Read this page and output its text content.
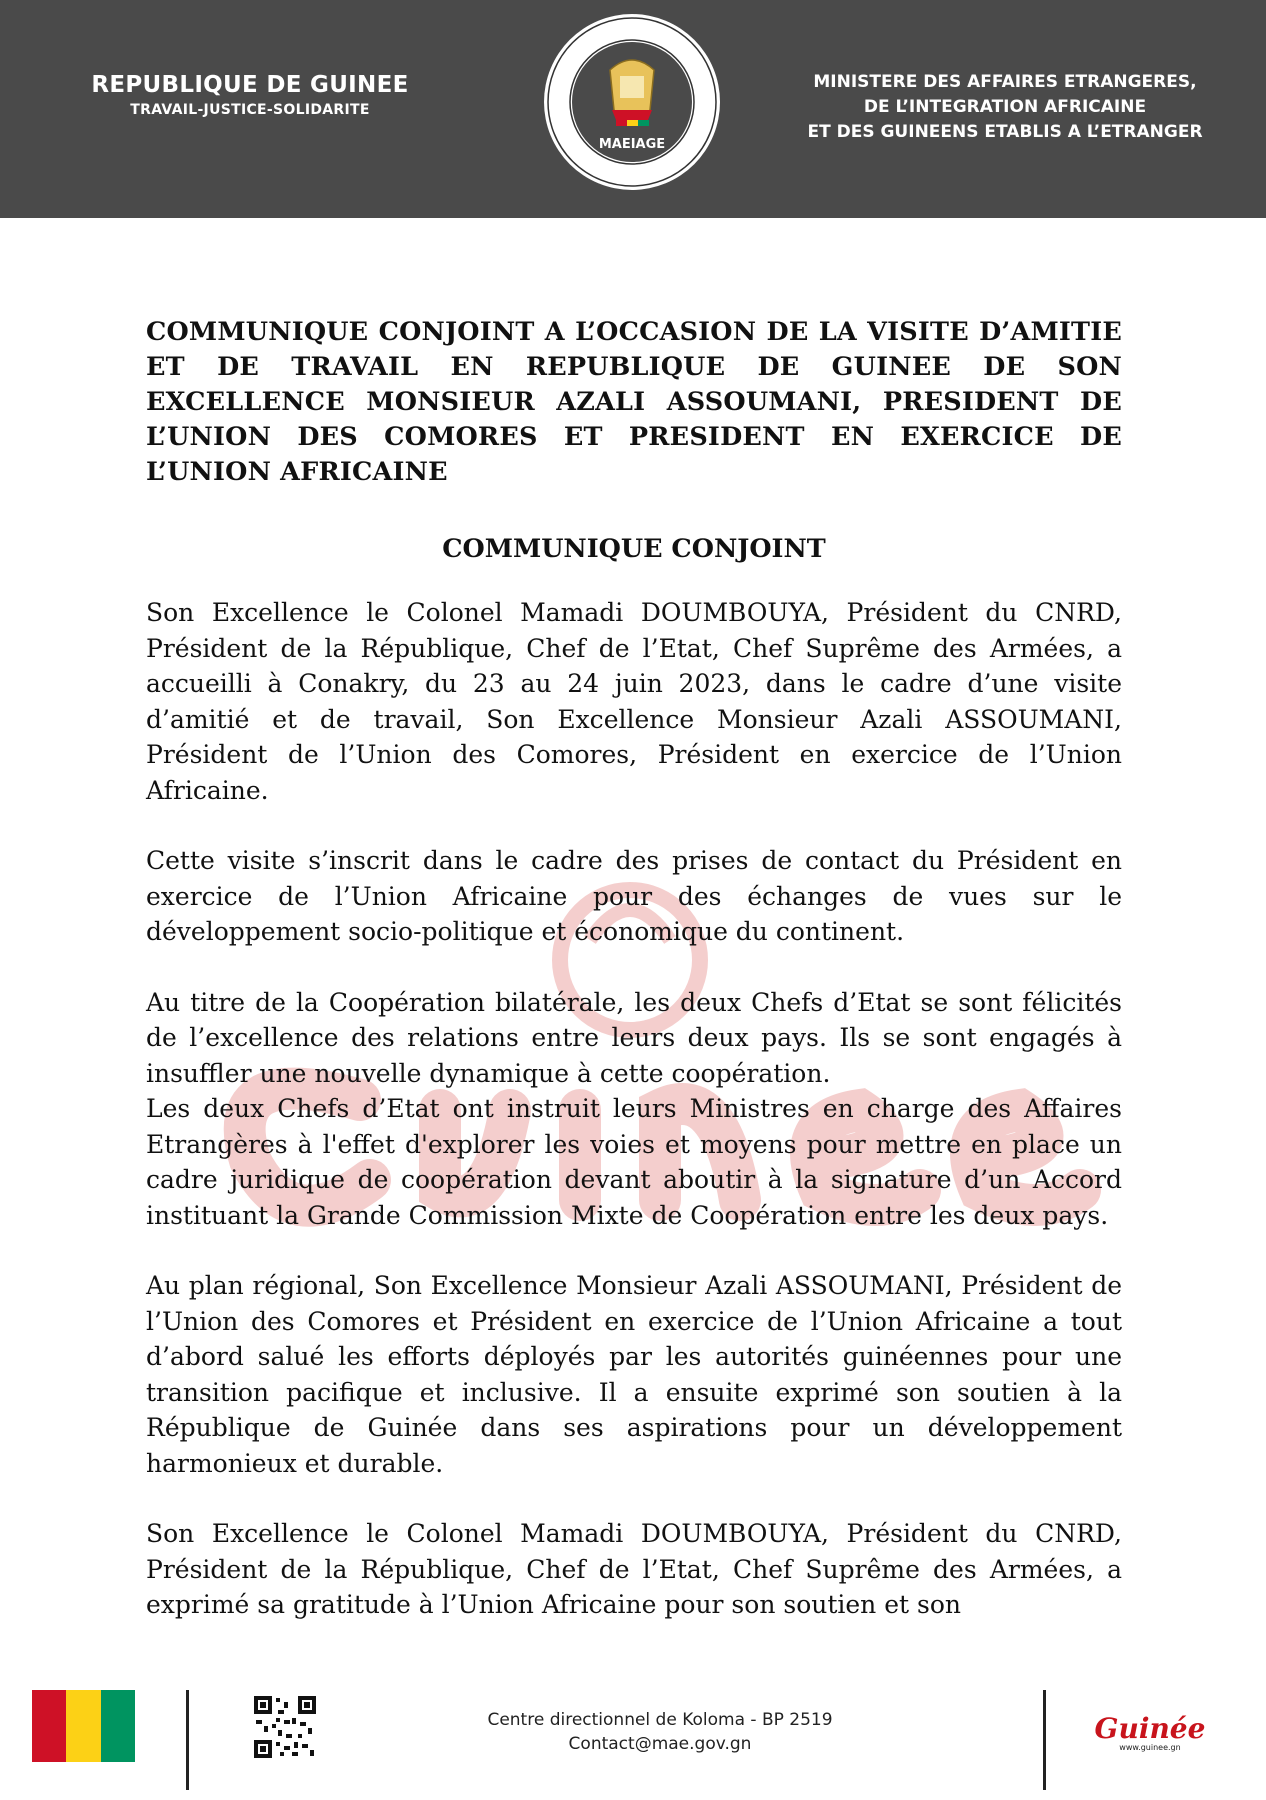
REPUBLIQUE DE GUINEE
TRAVAIL-JUSTICE-SOLIDARITE
MAEIAGE
MINISTERE DES AFFAIRES ETRANGERES,
DE L’INTEGRATION AFRICAINE
ET DES GUINEENS ETABLIS A L’ETRANGER
COMMUNIQUE CONJOINT A L’OCCASION DE LA VISITE D’AMITIE ET DE TRAVAIL EN REPUBLIQUE DE GUINEE DE SON EXCELLENCE MONSIEUR AZALI ASSOUMANI, PRESIDENT DE L’UNION DES COMORES ET PRESIDENT EN EXERCICE DE L’UNION AFRICAINE
COMMUNIQUE CONJOINT

Son Excellence le Colonel Mamadi DOUMBOUYA, Président du CNRD, Président de la République, Chef de l’Etat, Chef Suprême des Armées, a accueilli à Conakry, du 23 au 24 juin 2023, dans le cadre d’une visite d’amitié et de travail, Son Excellence Monsieur Azali ASSOUMANI, Président de l’Union des Comores, Président en exercice de l’Union Africaine.

Cette visite s’inscrit dans le cadre des prises de contact du Président en exercice de l’Union Africaine pour des échanges de vues sur le développement socio-politique et économique du continent.

Au titre de la Coopération bilatérale, les deux Chefs d’Etat se sont félicités de l’excellence des relations entre leurs deux pays. Ils se sont engagés à insuffler une nouvelle dynamique à cette coopération.

Les deux Chefs d’Etat ont instruit leurs Ministres en charge des Affaires Etrangères à l'effet d'explorer les voies et moyens pour mettre en place un cadre juridique de coopération devant aboutir à la signature d’un Accord instituant la Grande Commission Mixte de Coopération entre les deux pays.

Au plan régional, Son Excellence Monsieur Azali ASSOUMANI, Président de l’Union des Comores et Président en exercice de l’Union Africaine a tout d’abord salué les efforts déployés par les autorités guinéennes pour une transition pacifique et inclusive. Il a ensuite exprimé son soutien à la République de Guinée dans ses aspirations pour un développement harmonieux et durable.

Son Excellence le Colonel Mamadi DOUMBOUYA, Président du CNRD, Président de la République, Chef de l’Etat, Chef Suprême des Armées, a exprimé sa gratitude à l’Union Africaine pour son soutien et son

Centre directionnel de Koloma - BP 2519
Contact@mae.gov.gn	Guinée
www.guinee.gn
